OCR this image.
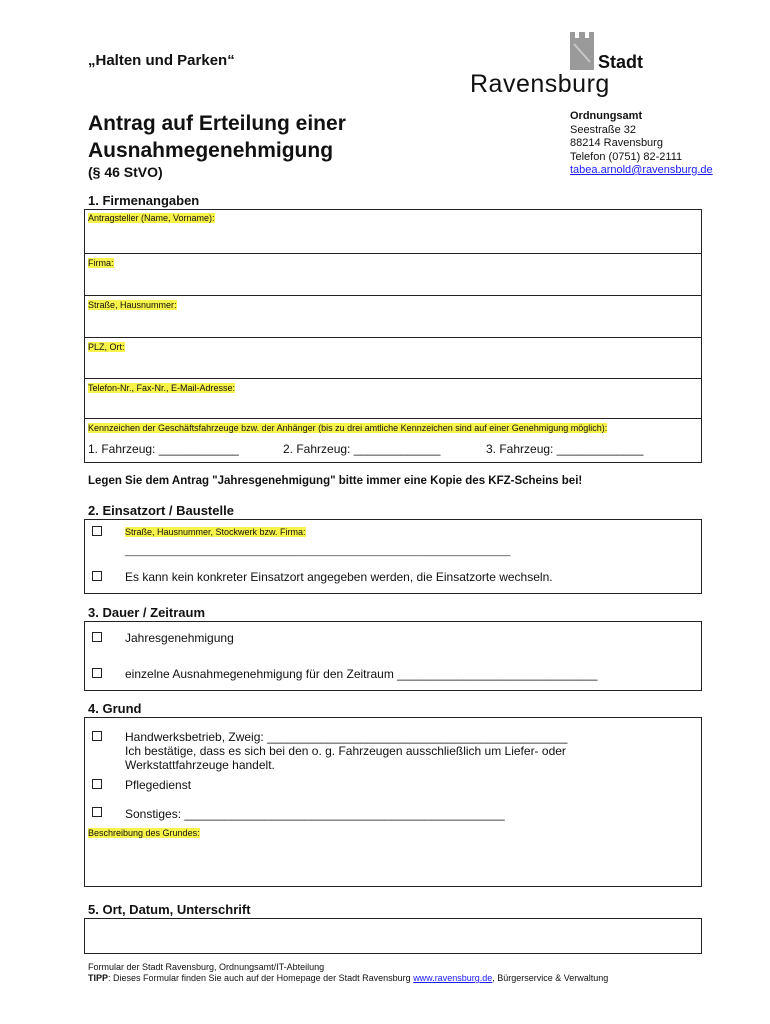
„Halten und Parken“
Antrag auf Erteilung einer
Ausnahmegenehmigung
(§ 46 StVO)
Stadt
Ravensburg
Ordnungsamt
Seestraße 32
88214 Ravensburg
Telefon (0751) 82-2111
tabea.arnold@ravensburg.de
1. Firmenangaben
Antragsteller (Name, Vorname):
Firma:
Straße, Hausnummer:
PLZ, Ort:
Telefon-Nr., Fax-Nr., E-Mail-Adresse:
Kennzeichen der Geschäftsfahrzeuge bzw. der Anhänger (bis zu drei amtliche Kennzeichen sind auf einer Genehmigung möglich):
1. Fahrzeug: ____________	2. Fahrzeug: _____________	3. Fahrzeug: _____________
Legen Sie dem Antrag "Jahresgenehmigung" bitte immer eine Kopie des KFZ-Scheins bei!
2. Einsatzort / Baustelle
Straße, Hausnummer, Stockwerk bzw. Firma:
_____________________________________________________________________________
Es kann kein konkreter Einsatzort angegeben werden, die Einsatzorte wechseln.
3. Dauer / Zeitraum
Jahresgenehmigung
einzelne Ausnahmegenehmigung für den Zeitraum ______________________________
4. Grund
Handwerksbetrieb, Zweig: _____________________________________________
Ich bestätige, dass es sich bei den o. g. Fahrzeugen ausschließlich um Liefer- oder
Werkstattfahrzeuge handelt.
Pflegedienst
Sonstiges: ________________________________________________
Beschreibung des Grundes:
5. Ort, Datum, Unterschrift
Formular der Stadt Ravensburg, Ordnungsamt/IT-Abteilung
TIPP: Dieses Formular finden Sie auch auf der Homepage der Stadt Ravensburg www.ravensburg.de, Bürgerservice & Verwaltung
